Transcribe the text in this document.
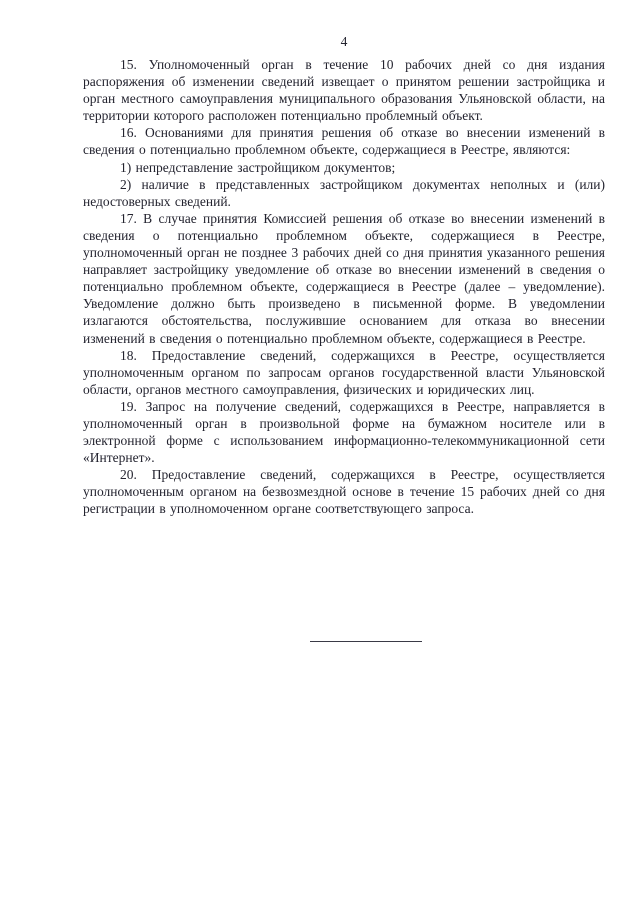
4

15. Уполномоченный орган в течение 10 рабочих дней со дня издания распоряжения об изменении сведений извещает о принятом решении застройщика и орган местного самоуправления муниципального образования Ульяновской области, на территории которого расположен потенциально проблемный объект.

16. Основаниями для принятия решения об отказе во внесении изменений в сведения о потенциально проблемном объекте, содержащиеся в Реестре, являются:

1) непредставление застройщиком документов;

2) наличие в представленных застройщиком документах неполных и (или) недостоверных сведений.

17. В случае принятия Комиссией решения об отказе во внесении изменений в сведения о потенциально проблемном объекте, содержащиеся в Реестре, уполномоченный орган не позднее 3 рабочих дней со дня принятия указанного решения направляет застройщику уведомление об отказе во внесении изменений в сведения о потенциально проблемном объекте, содержащиеся в Реестре (далее – уведомление). Уведомление должно быть произведено в письменной форме. В уведомлении излагаются обстоятельства, послужившие основанием для отказа во внесении изменений в сведения о потенциально проблемном объекте, содержащиеся в Реестре.

18. Предоставление сведений, содержащихся в Реестре, осуществляется уполномоченным органом по запросам органов государственной власти Ульяновской области, органов местного самоуправления, физических и юридических лиц.

19. Запрос на получение сведений, содержащихся в Реестре, направляется в уполномоченный орган в произвольной форме на бумажном носителе или в электронной форме с использованием информационно-телекоммуникационной сети «Интернет».

20. Предоставление сведений, содержащихся в Реестре, осуществляется уполномоченным органом на безвозмездной основе в течение 15 рабочих дней со дня регистрации в уполномоченном органе соответствующего запроса.
